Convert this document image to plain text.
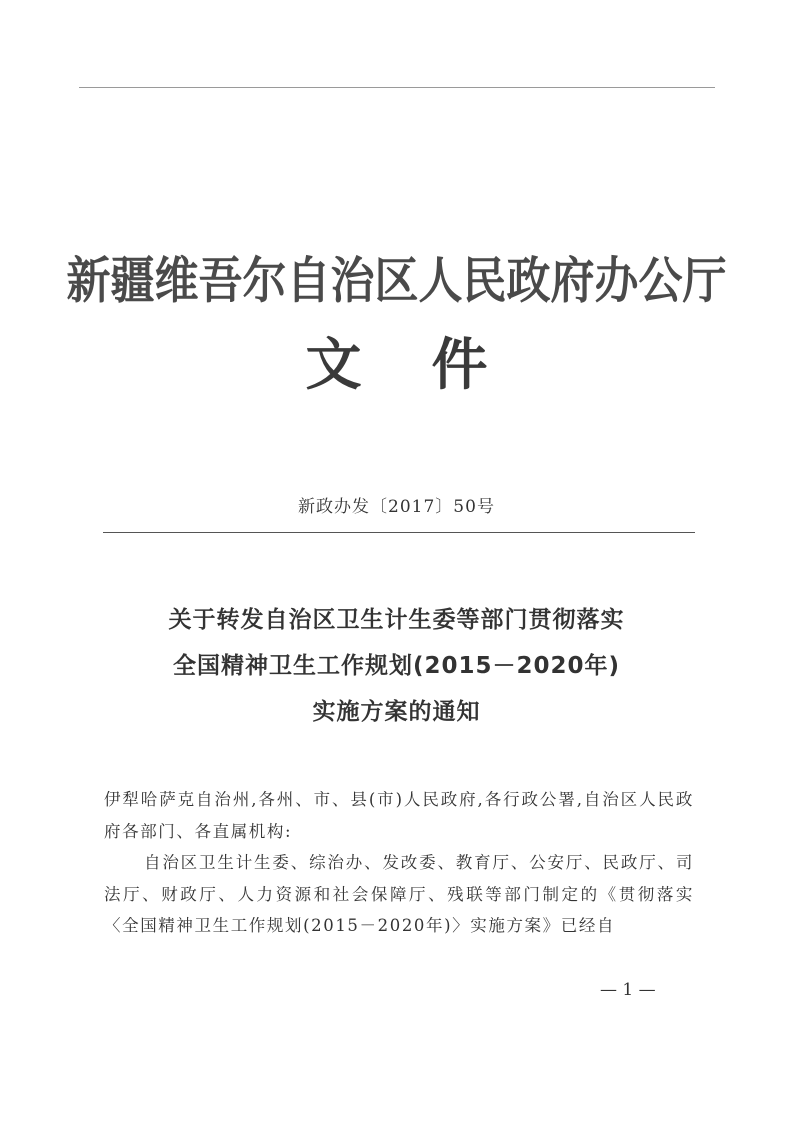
新疆维吾尔自治区人民政府办公厅
文件
新政办发〔2017〕50号
关于转发自治区卫生计生委等部门贯彻落实
全国精神卫生工作规划(2015－2020年)
实施方案的通知

伊犁哈萨克自治州,各州、市、县(市)人民政府,各行政公署,自治区人民政府各部门、各直属机构:

自治区卫生计生委、综治办、发改委、教育厅、公安厅、民政厅、司法厅、财政厅、人力资源和社会保障厅、残联等部门制定的《贯彻落实〈全国精神卫生工作规划(2015－2020年)〉实施方案》已经自

— 1 —
